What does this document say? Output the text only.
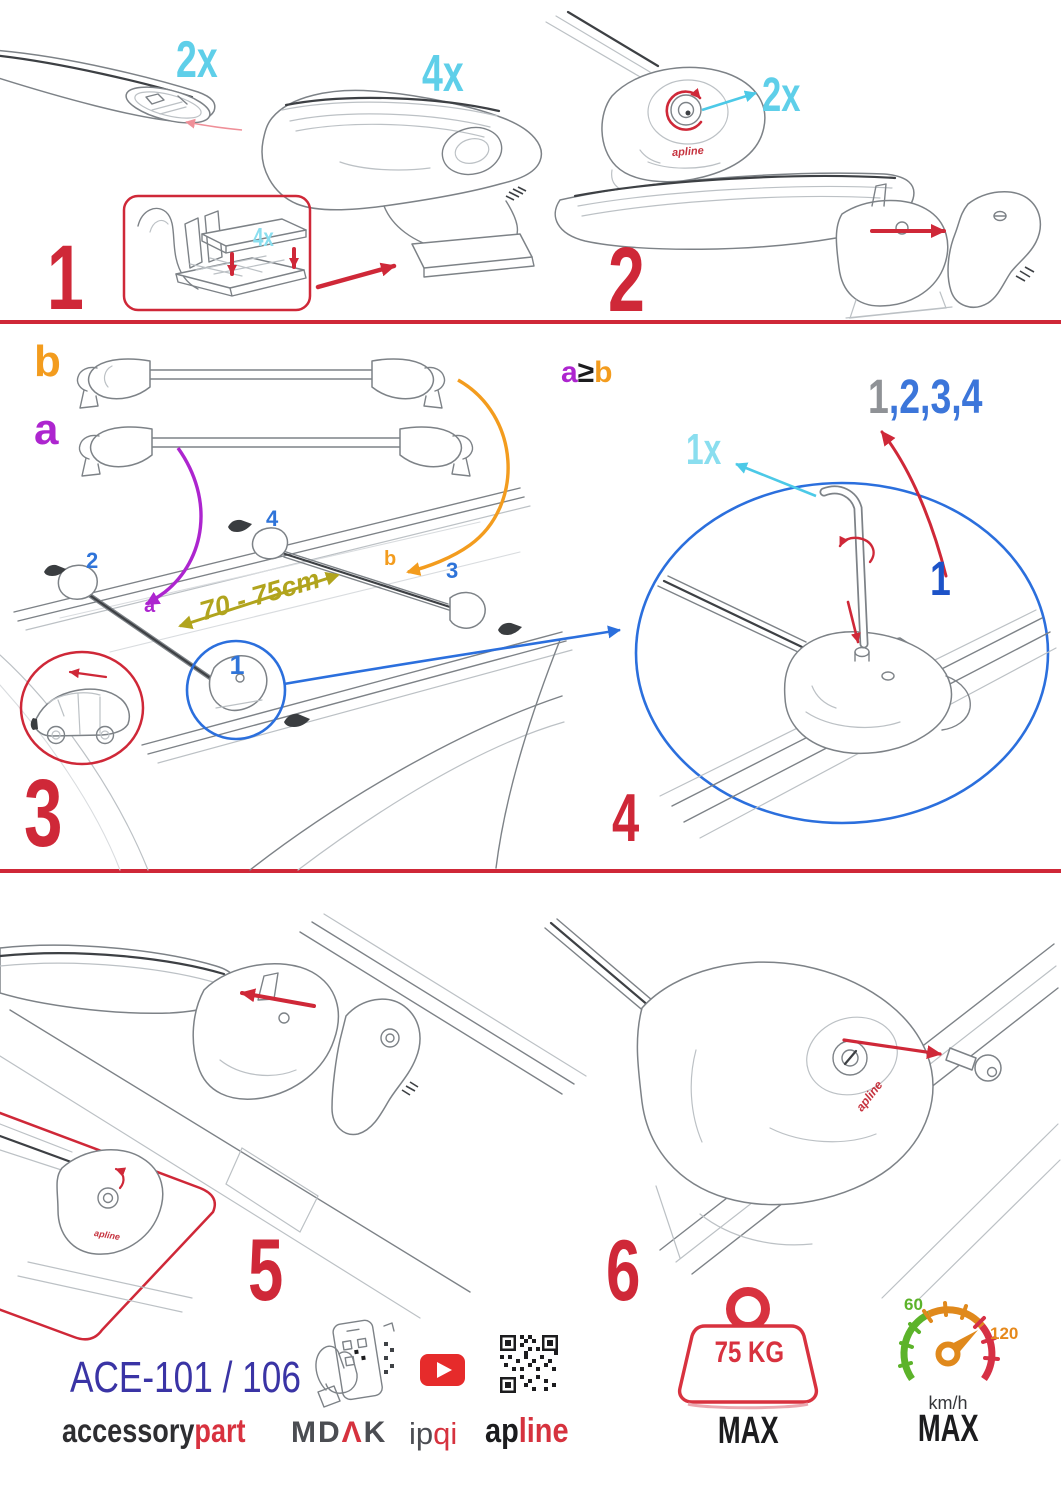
1
2x	4x
4x	2
2x
apline
b
a
2
4
3
b
a	70 - 75cm
1
3
a≥b	1,2,3,4
1x
1
4
5
apline	6
apline
ACE-101 / 106
accessorypart	MDΛK ipqi apline
75 KG
MAX
60
120
km/h
MAX
